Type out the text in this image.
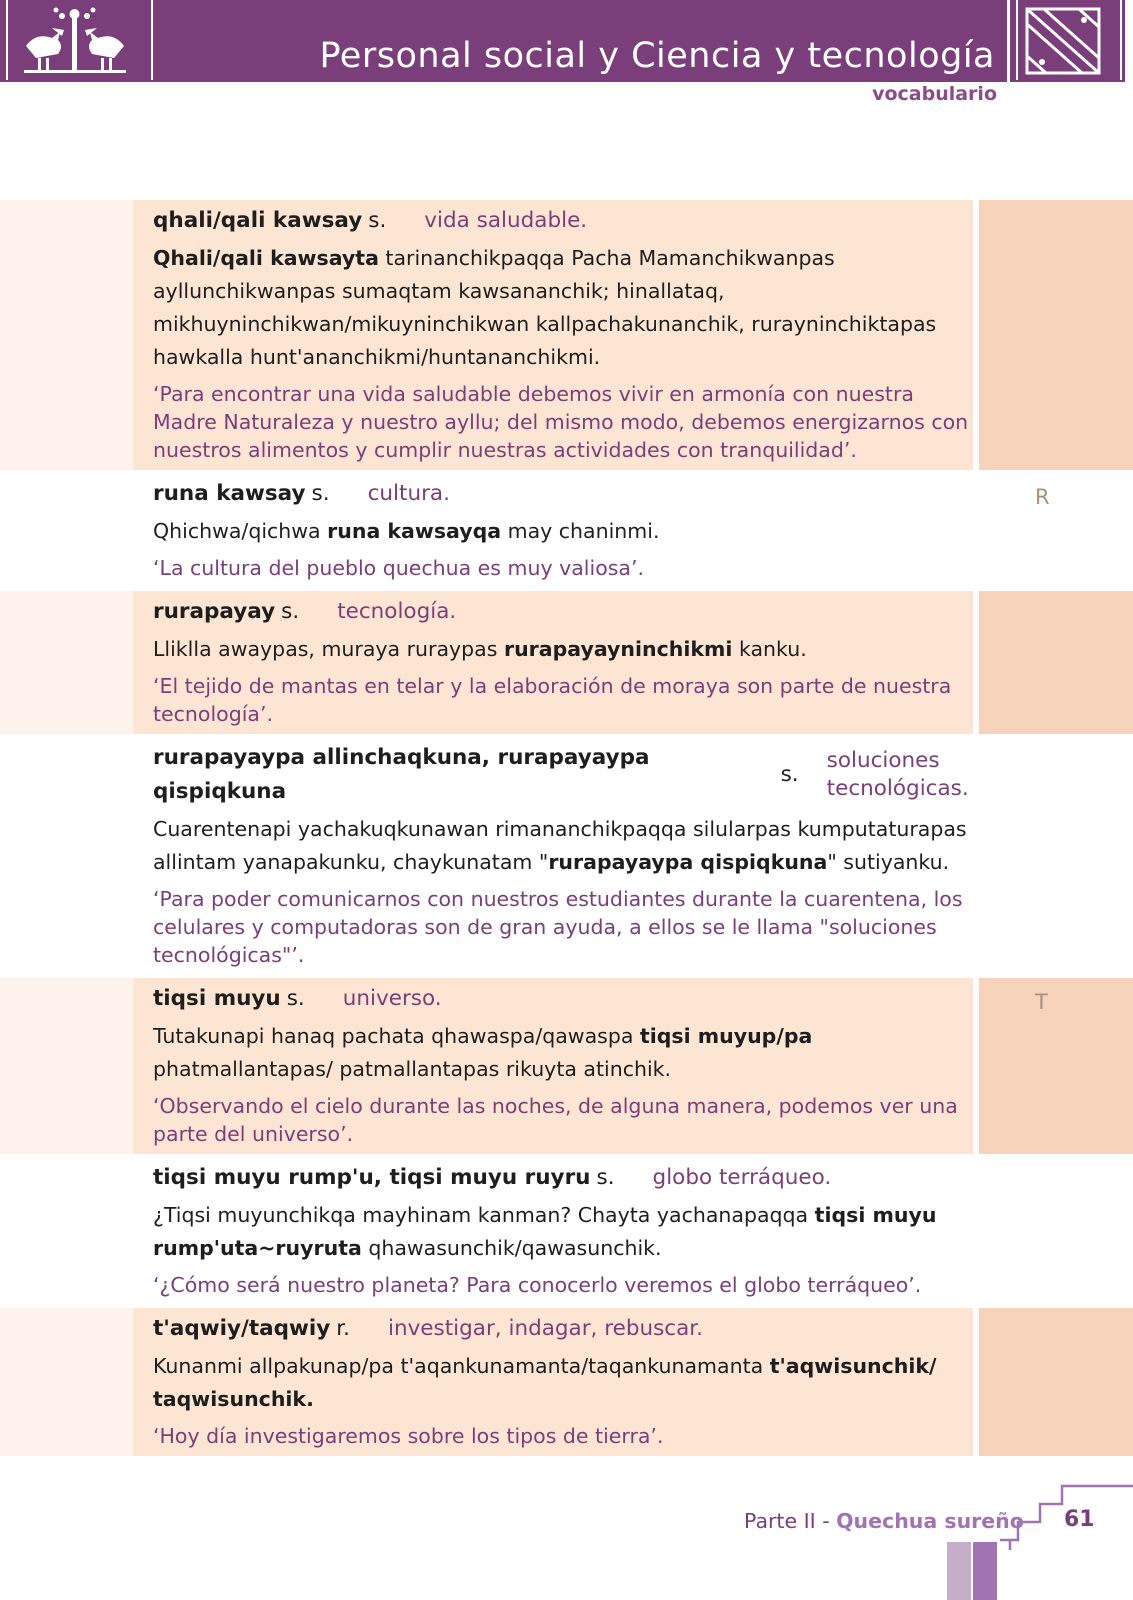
Personal social y Ciencia y tecnología
vocabulario
qhali/qali kawsay s. vida saludable.
Qhali/qali kawsayta tarinanchikpaqqa Pacha Mamanchikwanpas ayllunchikwanpas sumaqtam kawsananchik; hinallataq, mikhuyninchikwan/mikuyninchikwan kallpachakunanchik, rurayninchiktapas hawkalla hunt'ananchikmi/huntananchikmi.
‘Para encontrar una vida saludable debemos vivir en armonía con nuestra Madre Naturaleza y nuestro ayllu; del mismo modo, debemos energizarnos con nuestros alimentos y cumplir nuestras actividades con tranquilidad’.
runa kawsay s. cultura.
Qhichwa/qichwa runa kawsayqa may chaninmi.
‘La cultura del pueblo quechua es muy valiosa’.
R
rurapayay s. tecnología.
Lliklla awaypas, muraya ruraypas rurapayayninchikmi kanku.
‘El tejido de mantas en telar y la elaboración de moraya son parte de nuestra tecnología’.
rurapayaypa allinchaqkuna, rurapayaypa qispiqkuna
s.
soluciones tecnológicas.
Cuarentenapi yachakuqkunawan rimananchikpaqqa silularpas kumputaturapas allintam yanapakunku, chaykunatam "rurapayaypa qispiqkuna" sutiyanku.
‘Para poder comunicarnos con nuestros estudiantes durante la cuarentena, los celulares y computadoras son de gran ayuda, a ellos se le llama "soluciones tecnológicas"’.
tiqsi muyu s. universo.
Tutakunapi hanaq pachata qhawaspa/qawaspa tiqsi muyup/pa phatmallantapas/ patmallantapas rikuyta atinchik.
‘Observando el cielo durante las noches, de alguna manera, podemos ver una parte del universo’.
T
tiqsi muyu rump'u, tiqsi muyu ruyru s. globo terráqueo.
¿Tiqsi muyunchikqa mayhinam kanman? Chayta yachanapaqqa tiqsi muyu rump'uta~ruyruta qhawasunchik/qawasunchik.
‘¿Cómo será nuestro planeta? Para conocerlo veremos el globo terráqueo’.
t'aqwiy/taqwiy r. investigar, indagar, rebuscar.
Kunanmi allpakunap/pa t'aqankunamanta/taqankunamanta t'aqwisunchik/ taqwisunchik.
‘Hoy día investigaremos sobre los tipos de tierra’.
Parte II - Quechua sureño 61
